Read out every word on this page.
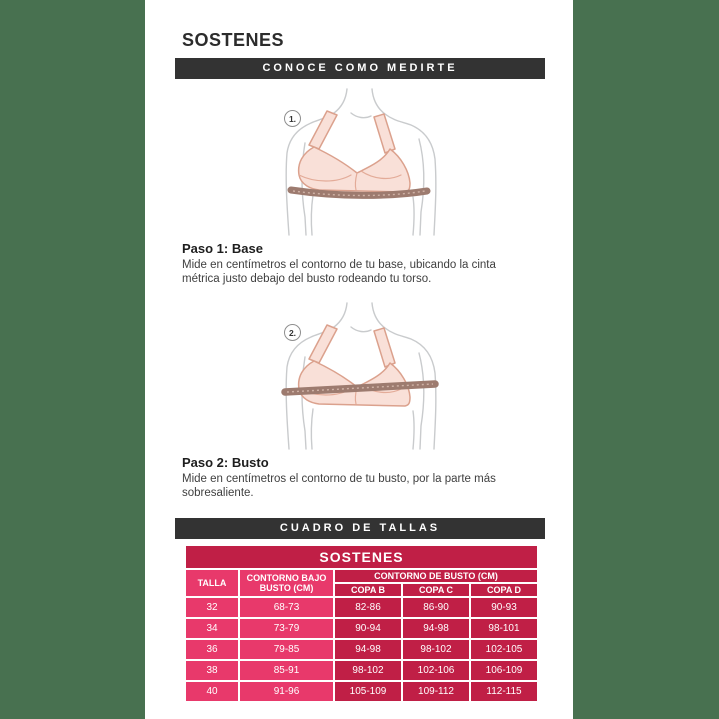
SOSTENES
CONOCE COMO MEDIRTE
1.
Paso 1: Base

Mide en centímetros el contorno de tu base, ubicando la cinta métrica justo debajo del busto rodeando tu torso.

2.
Paso 2: Busto

Mide en centímetros el contorno de tu busto, por la parte más sobresaliente.

CUADRO DE TALLAS
SOSTENES				
TALLA	CONTORNO BAJO BUSTO (CM)	CONTORNO DE BUSTO (CM)		
		COPA B	COPA C	COPA D
32	68-73	82-86	86-90	90-93
34	73-79	90-94	94-98	98-101
36	79-85	94-98	98-102	102-105
38	85-91	98-102	102-106	106-109
40	91-96	105-109	109-112	112-115
